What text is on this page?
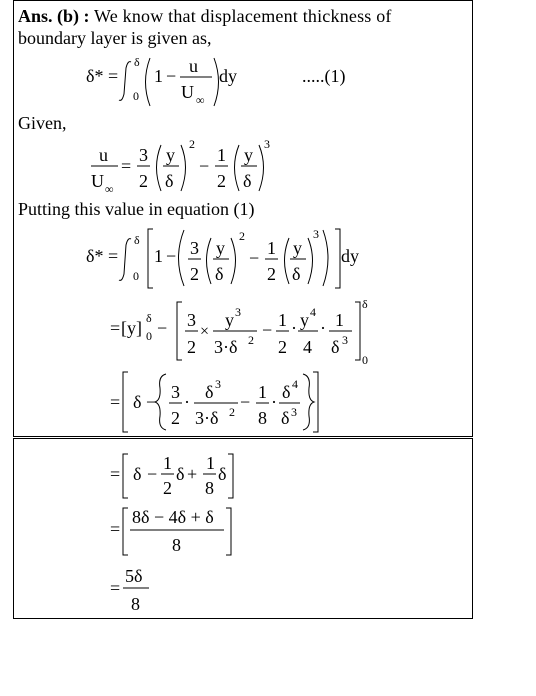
Ans. (b) : We know that displacement thickness of
boundary layer is given as,
δ* =
0
δ
1 − u
U ∞
dy	.....(1)
Given,
u
U ∞
=
3
2
y
δ
2
−
1
2
y
δ
3
Putting this value in equation (1)
δ* =
0
δ
1 − 3
2
y
δ
2
− 1
2
y
δ
3
dy
= [y] 0
δ − 3
2
×
y 3
3·δ 2 − 1
2
· y 4
4
· 1
δ 3
δ
0
= δ − 3
2
· δ 3
3·δ 2 − 1
8
· δ 4
δ 3
= δ −
1
2
δ +
1
8
δ
=
8δ − 4δ + δ
8
=
5δ
8
